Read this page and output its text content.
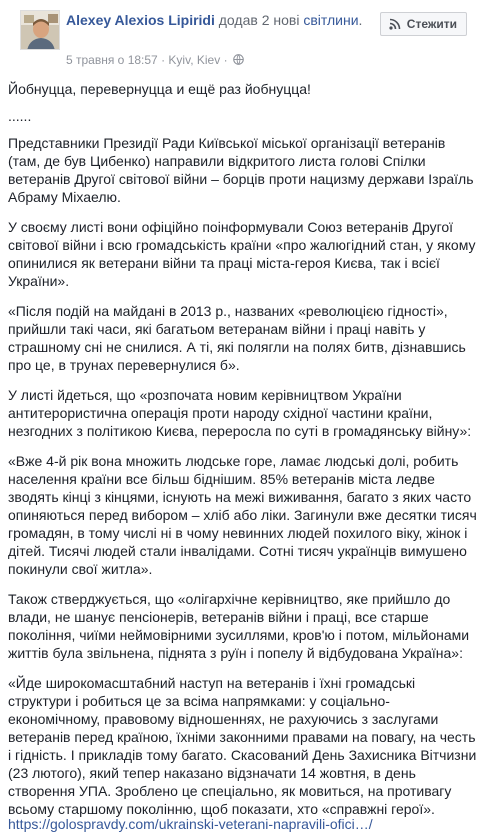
Alexey Alexios Lipiridi додав 2 нові світлини.
5 травня о 18:57 · Kyiv, Kiev ·
Стежити
Йобнуцца, перевернуцца и ещё раз йобнуцца!
......
Представники Президії Ради Київської міської організації ветеранів (там, де був Цибенко) направили відкритого листа голові Спілки ветеранів Другої світової війни – борців проти нацизму держави Ізраїль Абраму Міхаелю.
У своєму листі вони офіційно поінформували Союз ветеранів Другої світової війни і всю громадськість країни «про жалюгідний стан, у якому опинилися як ветерани війни та праці міста-героя Києва, так і всієї України».
«Після подій на майдані в 2013 р., названих «революцією гідності», прийшли такі часи, які багатьом ветеранам війни і праці навіть у страшному сні не снилися. А ті, які полягли на полях битв, дізнавшись про це, в трунах перевернулися б».
У листі йдеться, що «розпочата новим керівництвом України антитерористична операція проти народу східної частини країни, незгодних з політикою Києва, переросла по суті в громадянську війну»:
«Вже 4-й рік вона множить людське горе, ламає людські долі, робить населення країни все більш біднішим. 85% ветеранів міста ледве зводять кінці з кінцями, існують на межі виживання, багато з яких часто опиняються перед вибором – хліб або ліки. Загинули вже десятки тисяч громадян, в тому числі ні в чому невинних людей похилого віку, жінок і дітей. Тисячі людей стали інвалідами. Сотні тисяч українців вимушено покинули свої житла».
Також стверджується, що «олігархічне керівництво, яке прийшло до влади, не шанує пенсіонерів, ветеранів війни і праці, все старше покоління, чиїми неймовірними зусиллями, кров'ю і потом, мільйонами життів була звільнена, піднята з руїн і попелу й відбудована Україна»:
«Йде широкомасштабний наступ на ветеранів і їхні громадські структури і робиться це за всіма напрямками: у соціально-економічному, правовому відношеннях, не рахуючись з заслугами ветеранів перед країною, їхніми законними правами на повагу, на честь і гідність. І прикладів тому багато. Скасований День Захисника Вітчизни (23 лютого), який тепер наказано відзначати 14 жовтня, в день створення УПА. Зроблено це спеціально, як мовиться, на противагу всьому старшому поколінню, щоб показати, хто «справжні герої».
https://golospravdy.com/ukrainski-veterani-napravili-ofici…/
